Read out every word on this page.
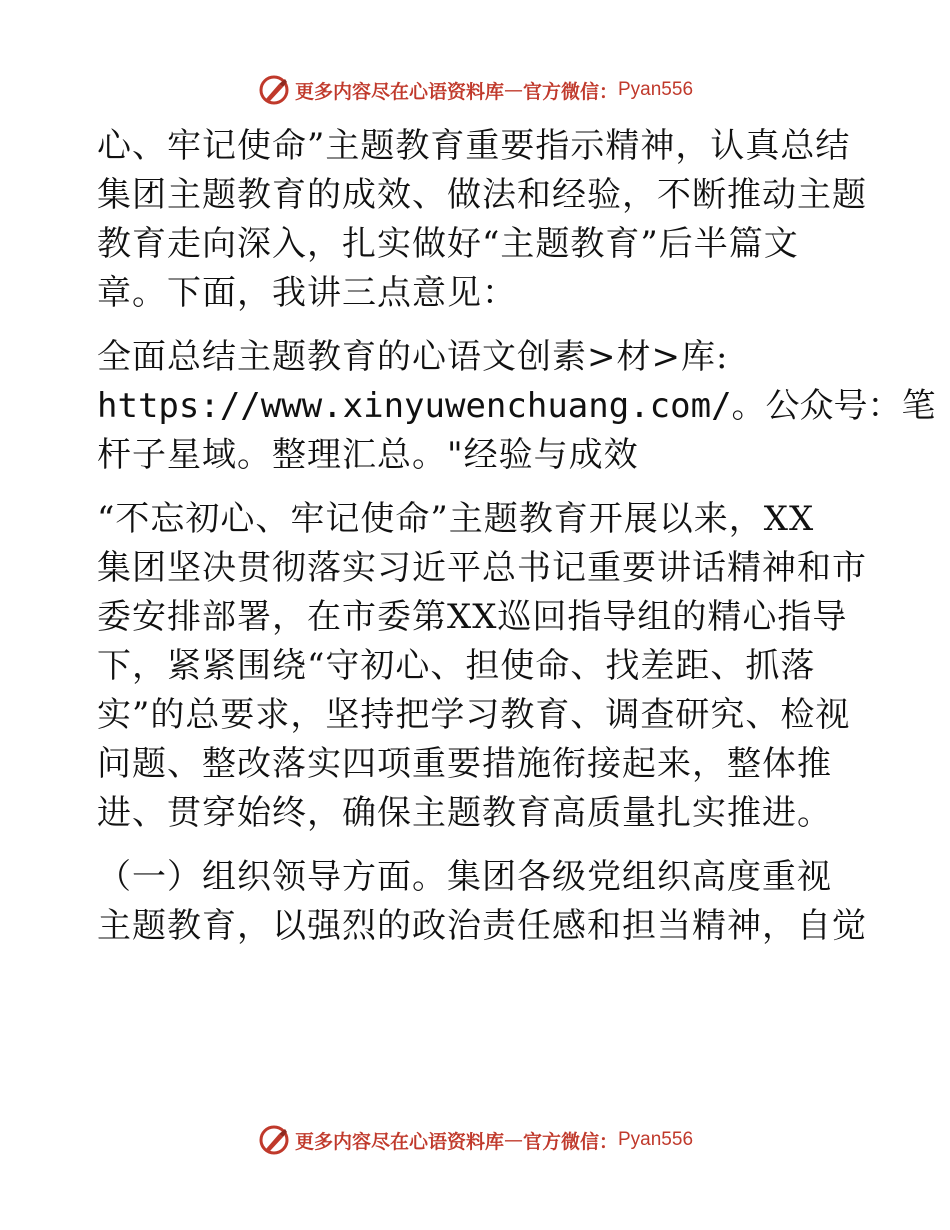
更多内容尽在心语资料库 — 官方微信： Pyan556
心、牢记使命”主题教育重要指示精神，认真总结
集团主题教育的成效、做法和经验，不断推动主题
教育走向深入，扎实做好“主题教育”后半篇文
章。下面，我讲三点意见：
全面总结主题教育的心语文创素>材>库:
https://www.xinyuwenchuang.com/。公众号：笔
杆子星域。整理汇总。"经验与成效
“不忘初心、牢记使命”主题教育开展以来，XX
集团坚决贯彻落实习近平总书记重要讲话精神和市
委安排部署，在市委第XX巡回指导组的精心指导
下，紧紧围绕“守初心、担使命、找差距、抓落
实”的总要求，坚持把学习教育、调查研究、检视
问题、整改落实四项重要措施衔接起来，整体推
进、贯穿始终，确保主题教育高质量扎实推进。
（一）组织领导方面。集团各级党组织高度重视
主题教育，以强烈的政治责任感和担当精神，自觉
更多内容尽在心语资料库 — 官方微信： Pyan556
